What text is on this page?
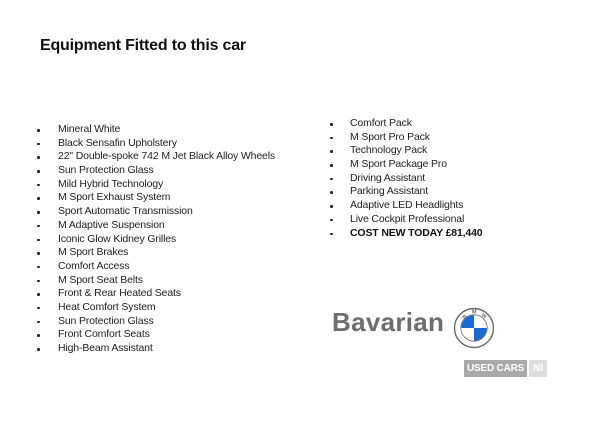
Equipment Fitted to this car
Mineral White
Black Sensafin Upholstery
22" Double-spoke 742 M Jet Black Alloy Wheels
Sun Protection Glass
Mild Hybrid Technology
M Sport Exhaust System
Sport Automatic Transmission
M Adaptive Suspension
Iconic Glow Kidney Grilles
M Sport Brakes
Comfort Access
M Sport Seat Belts
Front & Rear Heated Seats
Heat Comfort System
Sun Protection Glass
Front Comfort Seats
High-Beam Assistant
Comfort Pack
M Sport Pro Pack
Technology Pack
M Sport Package Pro
Driving Assistant
Parking Assistant
Adaptive LED Headlights
Live Cockpit Professional
COST NEW TODAY £81,440
Bavarian	B
M
W
USED CARS NI
